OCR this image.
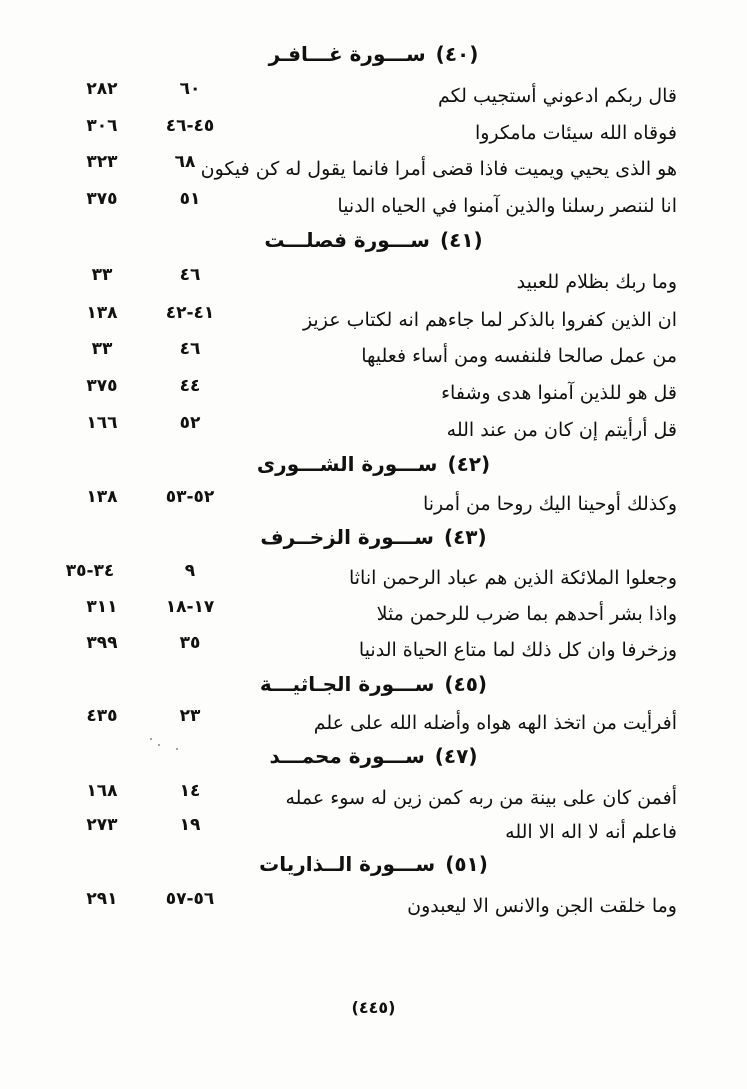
(٤٠)ســـورة غـــافـر
قال ربكم ادعوني أستجيب لكم
٦٠
٢٨٢
فوقاه الله سيئات مامكروا
٤٥-٤٦
٣٠٦
هو الذى يحيي ويميت فاذا قضى أمرا فانما يقول له كن فيكون
٦٨
٣٢٣
انا لننصر رسلنا والذين آمنوا في الحياه الدنيا
٥١
٣٧٥
(٤١)ســـورة فصلـــت
وما ربك بظلام للعبيد
٤٦
٣٣
ان الذين كفروا بالذكر لما جاءهم انه لكتاب عزيز
٤١-٤٢
١٣٨
من عمل صالحا فلنفسه ومن أساء فعليها
٤٦
٣٣
قل هو للذين آمنوا هدى وشفاء
٤٤
٣٧٥
قل أرأيتم إن كان من عند الله
٥٢
١٦٦
(٤٢)ســـورة الشـــورى
وكذلك أوحينا اليك روحا من أمرنا
٥٢-٥٣
١٣٨
(٤٣)ســـورة الزخــرف
وجعلوا الملائكة الذين هم عباد الرحمن اناثا
٩
٣٤-٣٥
واذا بشر أحدهم بما ضرب للرحمن مثلا
١٧-١٨
٣١١
وزخرفا وان كل ذلك لما متاع الحياة الدنيا
٣٥
٣٩٩
(٤٥)ســـورة الجـاثيـــة
أفرأيت من اتخذ الهه هواه وأضله الله على علم
٢٣
٤٣٥
(٤٧)ســـورة محمـــد
أفمن كان على بينة من ربه كمن زين له سوء عمله
١٤
١٦٨
فاعلم أنه لا اله الا الله
١٩
٢٧٣
(٥١)ســـورة الــذاريات
وما خلقت الجن والانس الا ليعبدون
٥٦-٥٧
٢٩١
(٤٤٥)
